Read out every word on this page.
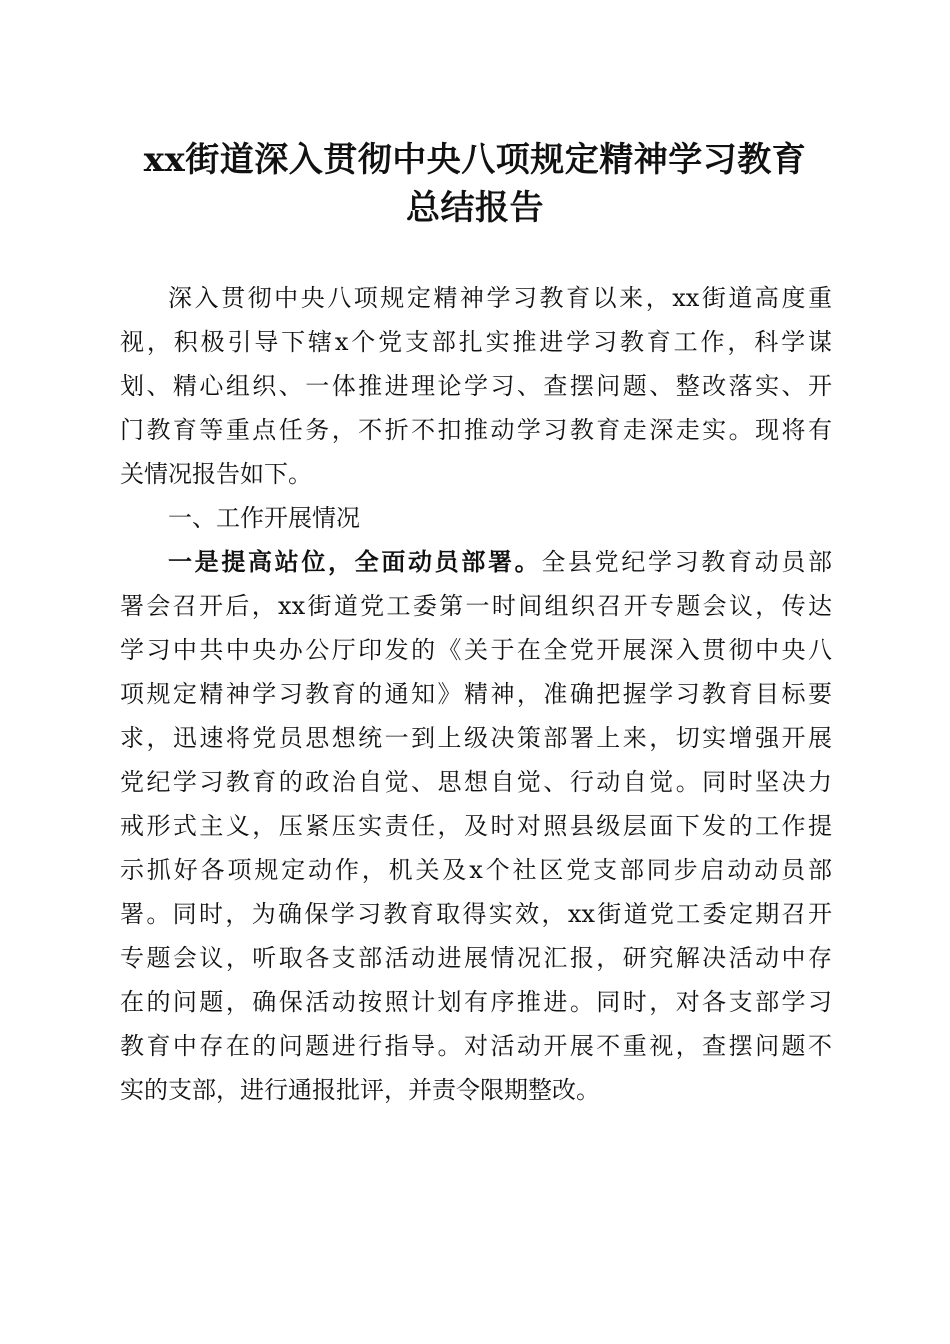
xx街道深入贯彻中央八项规定精神学习教育
总结报告
深入贯彻中央八项规定精神学习教育以来，xx街道高度重
视，积极引导下辖x个党支部扎实推进学习教育工作，科学谋
划、精心组织、一体推进理论学习、查摆问题、整改落实、开
门教育等重点任务，不折不扣推动学习教育走深走实。现将有
关情况报告如下。
一、工作开展情况
一是提高站位，全面动员部署。全县党纪学习教育动员部
署会召开后，xx街道党工委第一时间组织召开专题会议，传达
学习中共中央办公厅印发的《关于在全党开展深入贯彻中央八
项规定精神学习教育的通知》精神，准确把握学习教育目标要
求，迅速将党员思想统一到上级决策部署上来，切实增强开展
党纪学习教育的政治自觉、思想自觉、行动自觉。同时坚决力
戒形式主义，压紧压实责任，及时对照县级层面下发的工作提
示抓好各项规定动作，机关及x个社区党支部同步启动动员部
署。同时，为确保学习教育取得实效，xx街道党工委定期召开
专题会议，听取各支部活动进展情况汇报，研究解决活动中存
在的问题，确保活动按照计划有序推进。同时，对各支部学习
教育中存在的问题进行指导。对活动开展不重视，查摆问题不
实的支部，进行通报批评，并责令限期整改。
